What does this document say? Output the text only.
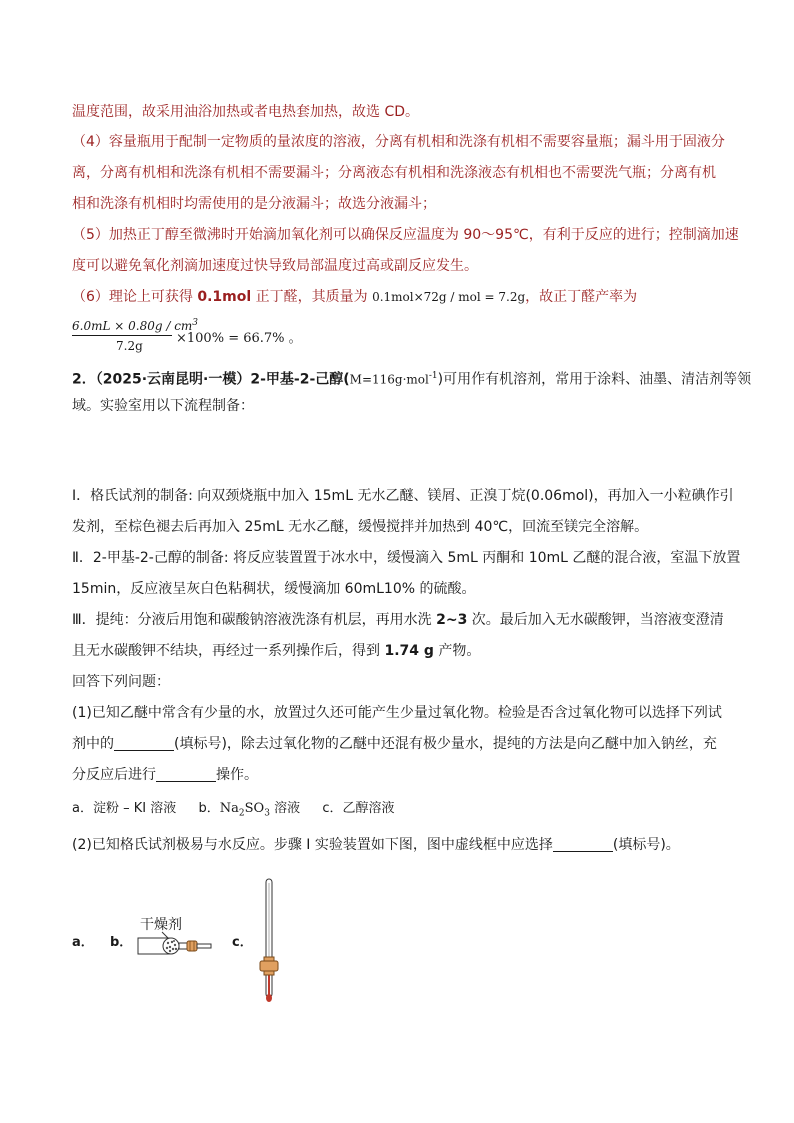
温度范围，故采用油浴加热或者电热套加热，故选 CD。
（4）容量瓶用于配制一定物质的量浓度的溶液，分离有机相和洗涤有机相不需要容量瓶；漏斗用于固液分
离，分离有机相和洗涤有机相不需要漏斗；分离液态有机相和洗涤液态有机相也不需要洗气瓶；分离有机
相和洗涤有机相时均需使用的是分液漏斗；故选分液漏斗；
（5）加热正丁醇至微沸时开始滴加氧化剂可以确保反应温度为 90～95℃，有利于反应的进行；控制滴加速
度可以避免氧化剂滴加速度过快导致局部温度过高或副反应发生。
（6）理论上可获得 0.1mol 正丁醛，其质量为 0.1mol×72g / mol = 7.2g，故正丁醛产率为
$6.0mL \times 0.80g / cm^3$
7.2g	×100% = 66.7% 。
2．（2025·云南昆明·一模）2-甲基-2-己醇(M=116g·mol$^{-1}$)可用作有机溶剂，常用于涂料、油墨、清洁剂等领
域。实验室用以下流程制备：
Ⅰ．格氏试剂的制备: 向双颈烧瓶中加入 15mL 无水乙醚、镁屑、正溴丁烷(0.06mol)，再加入一小粒碘作引
发剂，至棕色褪去后再加入 25mL 无水乙醚，缓慢搅拌并加热到 40℃，回流至镁完全溶解。
Ⅱ．2-甲基-2-己醇的制备: 将反应装置置于冰水中，缓慢滴入 5mL 丙酮和 10mL 乙醚的混合液，室温下放置
15min，反应液呈灰白色粘稠状，缓慢滴加 60mL10% 的硫酸。
Ⅲ．提纯：分液后用饱和碳酸钠溶液洗涤有机层，再用水洗 2~3 次。最后加入无水碳酸钾，当溶液变澄清
且无水碳酸钾不结块，再经过一系列操作后，得到 1.74 g 产物。
回答下列问题：
(1)已知乙醚中常含有少量的水，放置过久还可能产生少量过氧化物。检验是否含过氧化物可以选择下列试
剂中的	(填标号)，除去过氧化物的乙醚中还混有极少量水，提纯的方法是向乙醚中加入钠丝，充
分反应后进行	操作。
a．淀粉 – KI 溶液 b．$Na_2SO_3$ 溶液 c．乙醇溶液
(2)已知格氏试剂极易与水反应。步骤 I 实验装置如下图，图中虚线框中应选择	(填标号)。
a． b．	c．
干燥剂
